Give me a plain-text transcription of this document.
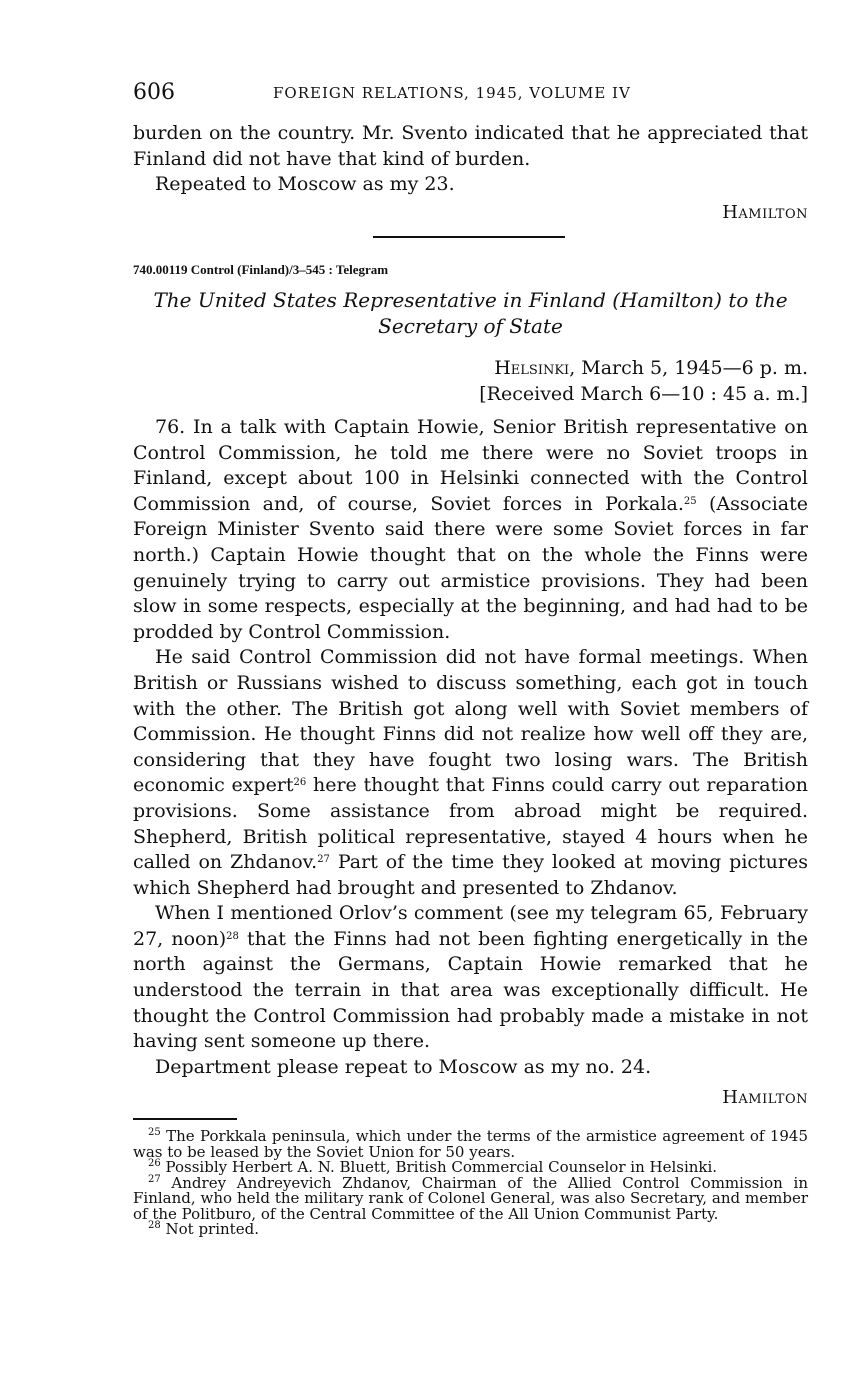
606	FOREIGN RELATIONS, 1945, VOLUME IV

burden on the country. Mr. Svento indicated that he appreciated that Finland did not have that kind of burden.

Repeated to Moscow as my 23.

Hamilton
740.00119 Control (Finland)/3–545 : Telegram
The United States Representative in Finland (Hamilton) to the Secretary of State
Helsinki, March 5, 1945—6 p. m.
[Received March 6—10 : 45 a. m.]

76. In a talk with Captain Howie, Senior British representative on Control Commission, he told me there were no Soviet troops in Finland, except about 100 in Helsinki connected with the Control Commission and, of course, Soviet forces in Porkala.$^{25}$ (Associate Foreign Minister Svento said there were some Soviet forces in far north.) Captain Howie thought that on the whole the Finns were genuinely trying to carry out armistice provisions. They had been slow in some respects, especially at the beginning, and had had to be prodded by Control Commission.

He said Control Commission did not have formal meetings. When British or Russians wished to discuss something, each got in touch with the other. The British got along well with Soviet members of Commission. He thought Finns did not realize how well off they are, considering that they have fought two losing wars. The British economic expert$^{26}$ here thought that Finns could carry out reparation provisions. Some assistance from abroad might be required. Shepherd, British political representative, stayed 4 hours when he called on Zhdanov.$^{27}$ Part of the time they looked at moving pictures which Shepherd had brought and presented to Zhdanov.

When I mentioned Orlov’s comment (see my telegram 65, February 27, noon)$^{28}$ that the Finns had not been fighting energetically in the north against the Germans, Captain Howie remarked that he understood the terrain in that area was exceptionally difficult. He thought the Control Commission had probably made a mistake in not having sent someone up there.

Department please repeat to Moscow as my no. 24.

Hamilton

$^{25}$ The Porkkala peninsula, which under the terms of the armistice agreement of 1945 was to be leased by the Soviet Union for 50 years.

$^{26}$ Possibly Herbert A. N. Bluett, British Commercial Counselor in Helsinki.

$^{27}$ Andrey Andreyevich Zhdanov, Chairman of the Allied Control Commission in Finland, who held the military rank of Colonel General, was also Secretary, and member of the Politburo, of the Central Committee of the All Union Communist Party.

$^{28}$ Not printed.
